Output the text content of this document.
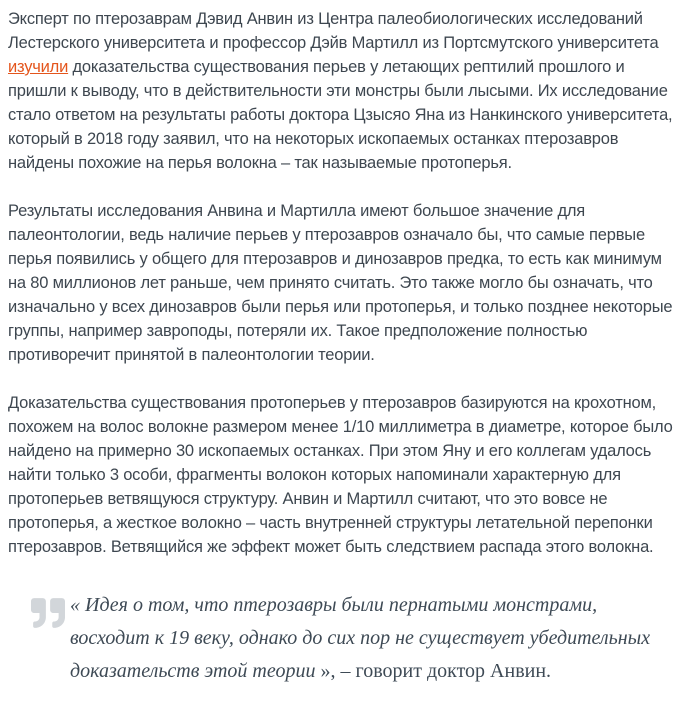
Эксперт по птерозаврам Дэвид Анвин из Центра палеобиологических исследований Лестерского университета и профессор Дэйв Мартилл из Портсмутского университета изучили доказательства существования перьев у летающих рептилий прошлого и пришли к выводу, что в действительности эти монстры были лысыми. Их исследование стало ответом на результаты работы доктора Цзысяо Яна из Нанкинского университета, который в 2018 году заявил, что на некоторых ископаемых останках птерозавров найдены похожие на перья волокна – так называемые протоперья.

Результаты исследования Анвина и Мартилла имеют большое значение для палеонтологии, ведь наличие перьев у птерозавров означало бы, что самые первые перья появились у общего для птерозавров и динозавров предка, то есть как минимум на 80 миллионов лет раньше, чем принято считать. Это также могло бы означать, что изначально у всех динозавров были перья или протоперья, и только позднее некоторые группы, например завроподы, потеряли их. Такое предположение полностью противоречит принятой в палеонтологии теории.

Доказательства существования протоперьев у птерозавров базируются на крохотном, похожем на волос волокне размером менее 1/10 миллиметра в диаметре, которое было найдено на примерно 30 ископаемых останках. При этом Яну и его коллегам удалось найти только 3 особи, фрагменты волокон которых напоминали характерную для протоперьев ветвящуюся структуру. Анвин и Мартилл считают, что это вовсе не протоперья, а жесткое волокно – часть внутренней структуры летательной перепонки птерозавров. Ветвящийся же эффект может быть следствием распада этого волокна.

« Идея о том, что птерозавры были пернатыми монстрами, восходит к 19 веку, однако до сих пор не существует убедительных доказательств этой теории », – говорит доктор Анвин.
